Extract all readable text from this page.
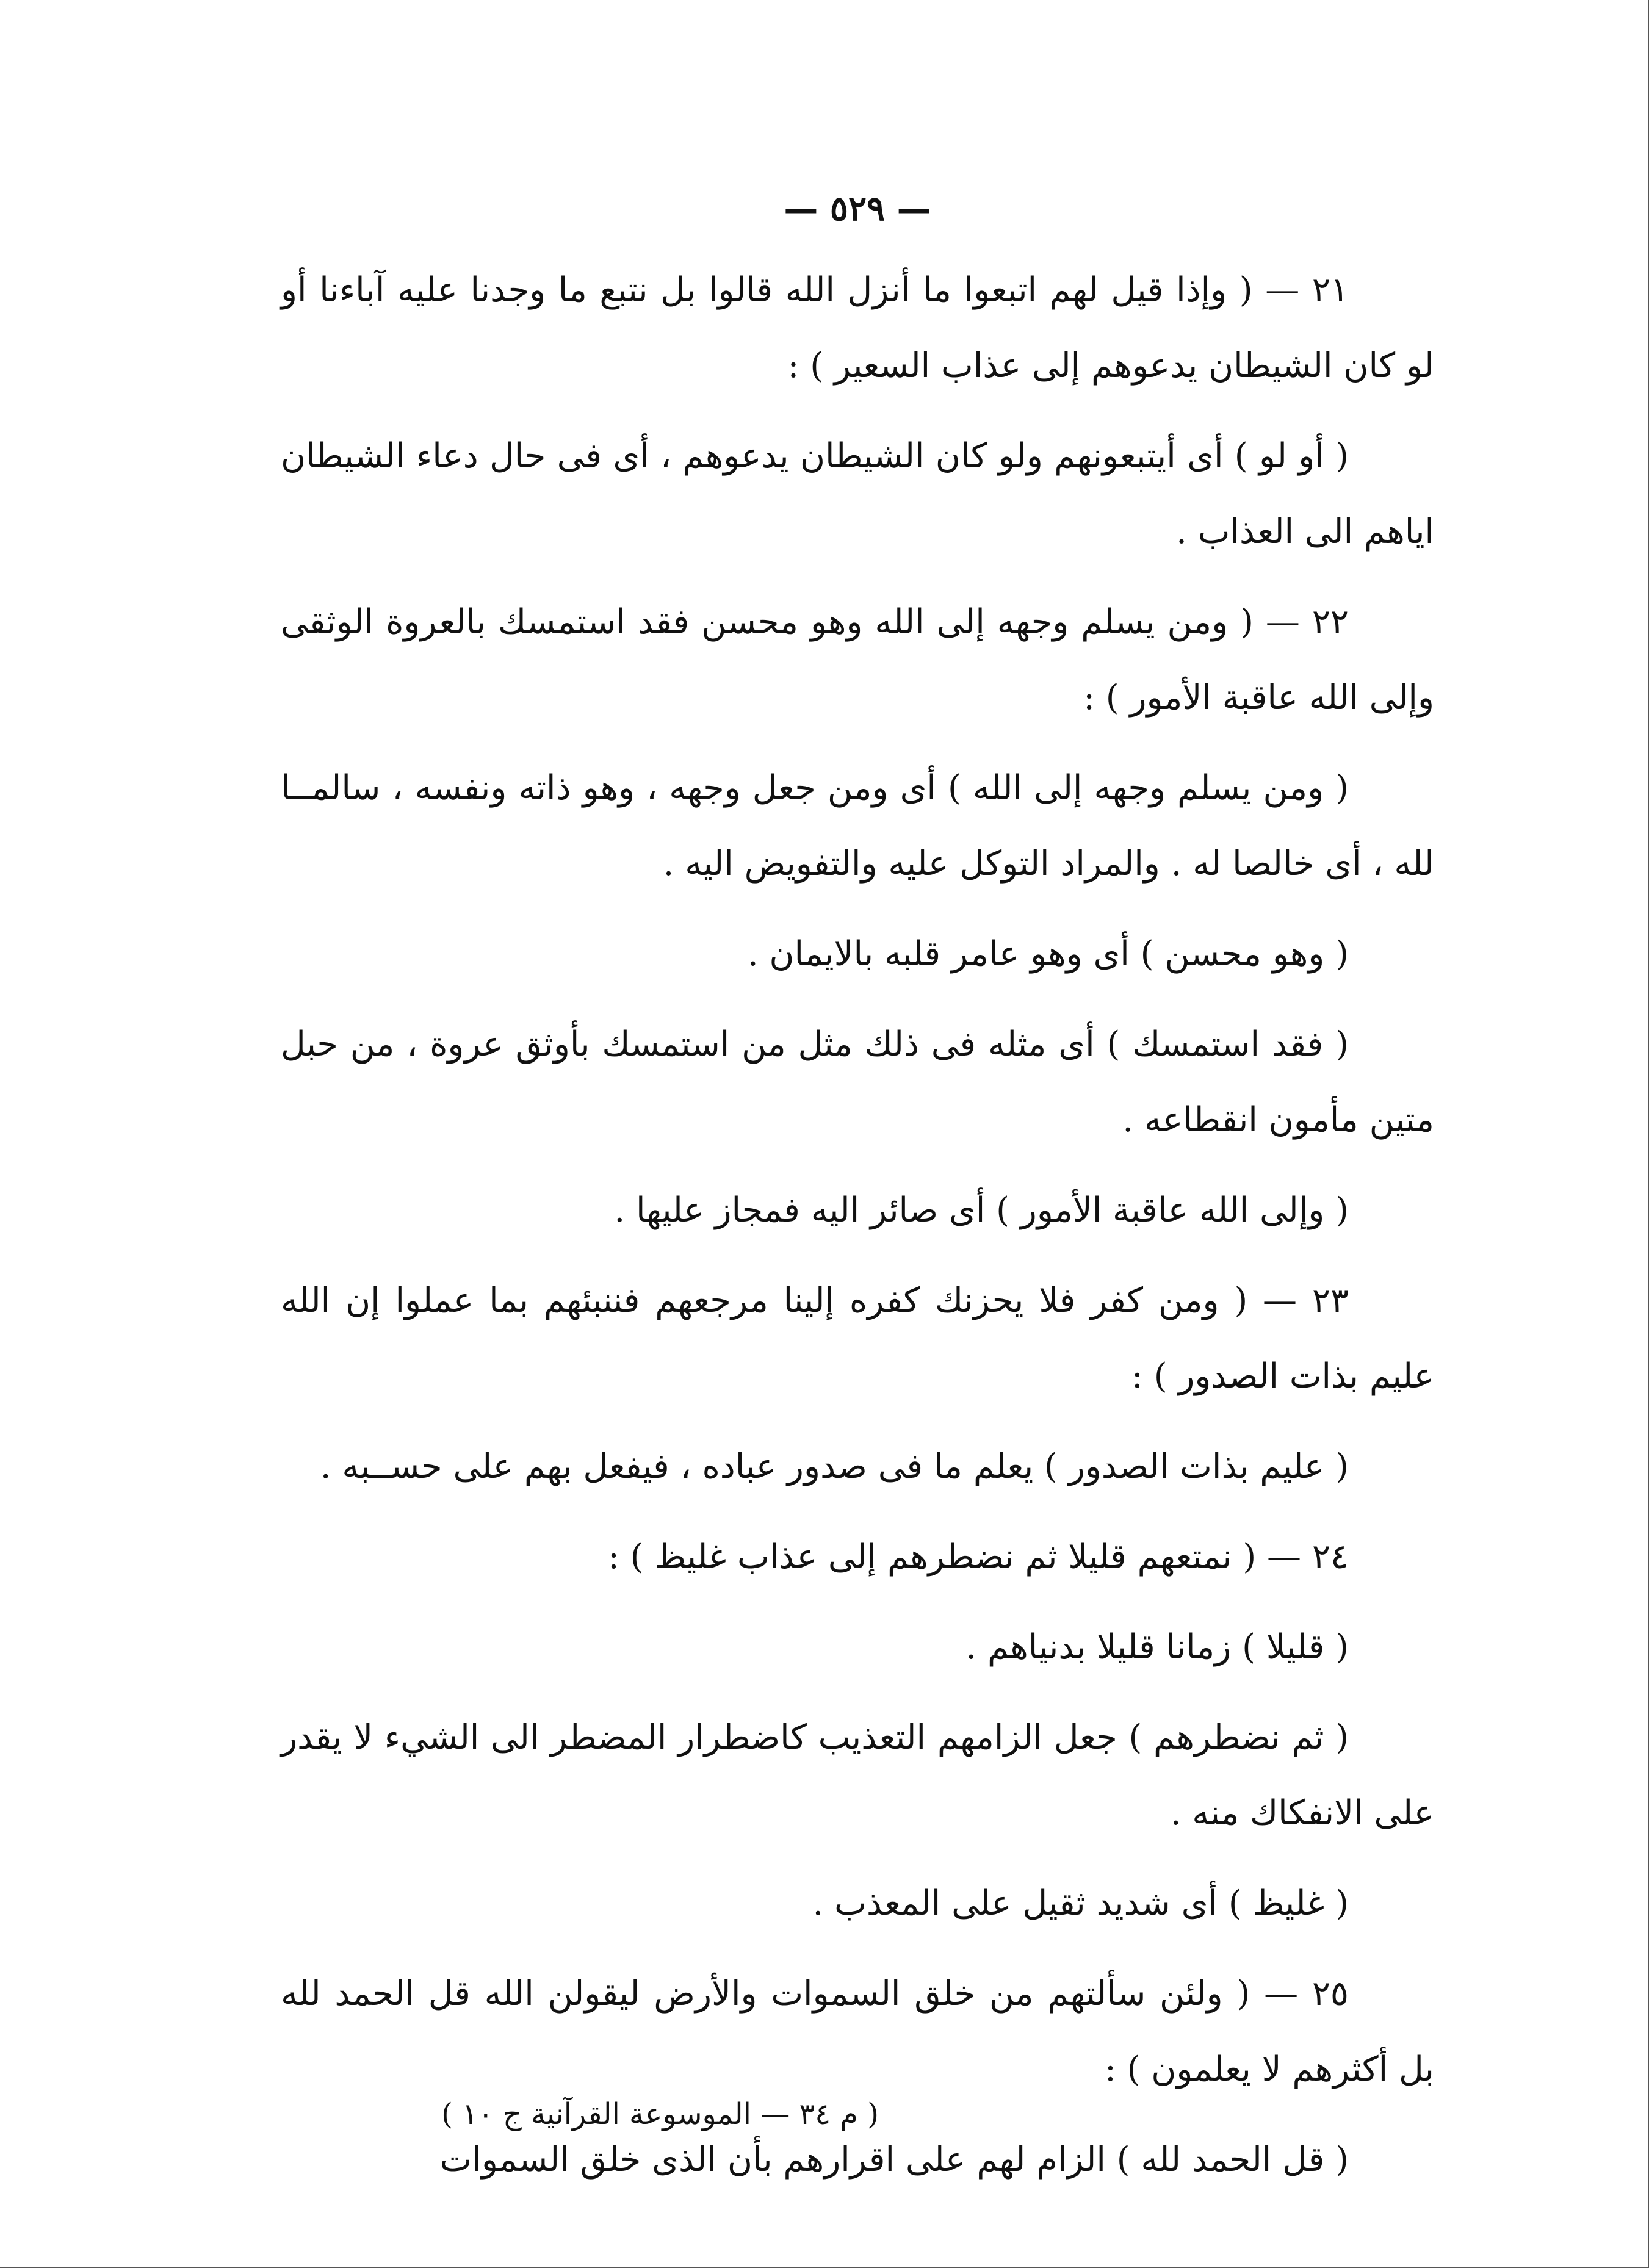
— ٥٢٩ —

٢١ — ( وإذا قيل لهم اتبعوا ما أنزل الله قالوا بل نتبع ما وجدنا عليه آباءنا أو لو كان الشيطان يدعوهم إلى عذاب السعير ) :

( أو لو ) أى أيتبعونهم ولو كان الشيطان يدعوهم ، أى فى حال دعاء الشيطان اياهم الى العذاب .

٢٢ — ( ومن يسلم وجهه إلى الله وهو محسن فقد استمسك بالعروة الوثقى وإلى الله عاقبة الأمور ) :

( ومن يسلم وجهه إلى الله ) أى ومن جعل وجهه ، وهو ذاته ونفسه ، سالمــا لله ، أى خالصا له . والمراد التوكل عليه والتفويض اليه .

( وهو محسن ) أى وهو عامر قلبه بالايمان .

( فقد استمسك ) أى مثله فى ذلك مثل من استمسك بأوثق عروة ، من حبل متين مأمون انقطاعه .

( وإلى الله عاقبة الأمور ) أى صائر اليه فمجاز عليها .

٢٣ — ( ومن كفر فلا يحزنك كفره إلينا مرجعهم فننبئهم بما عملوا إن الله عليم بذات الصدور ) :

( عليم بذات الصدور ) يعلم ما فى صدور عباده ، فيفعل بهم على حســبه .

٢٤ — ( نمتعهم قليلا ثم نضطرهم إلى عذاب غليظ ) :

( قليلا ) زمانا قليلا بدنياهم .

( ثم نضطرهم ) جعل الزامهم التعذيب كاضطرار المضطر الى الشيء لا يقدر على الانفكاك منه .

( غليظ ) أى شديد ثقيل على المعذب .

٢٥ — ( ولئن سألتهم من خلق السموات والأرض ليقولن الله قل الحمد لله بل أكثرهم لا يعلمون ) :

( قل الحمد لله ) الزام لهم على اقرارهم بأن الذى خلق السموات

( م ٣٤ — الموسوعة القرآنية ج ١٠ )
